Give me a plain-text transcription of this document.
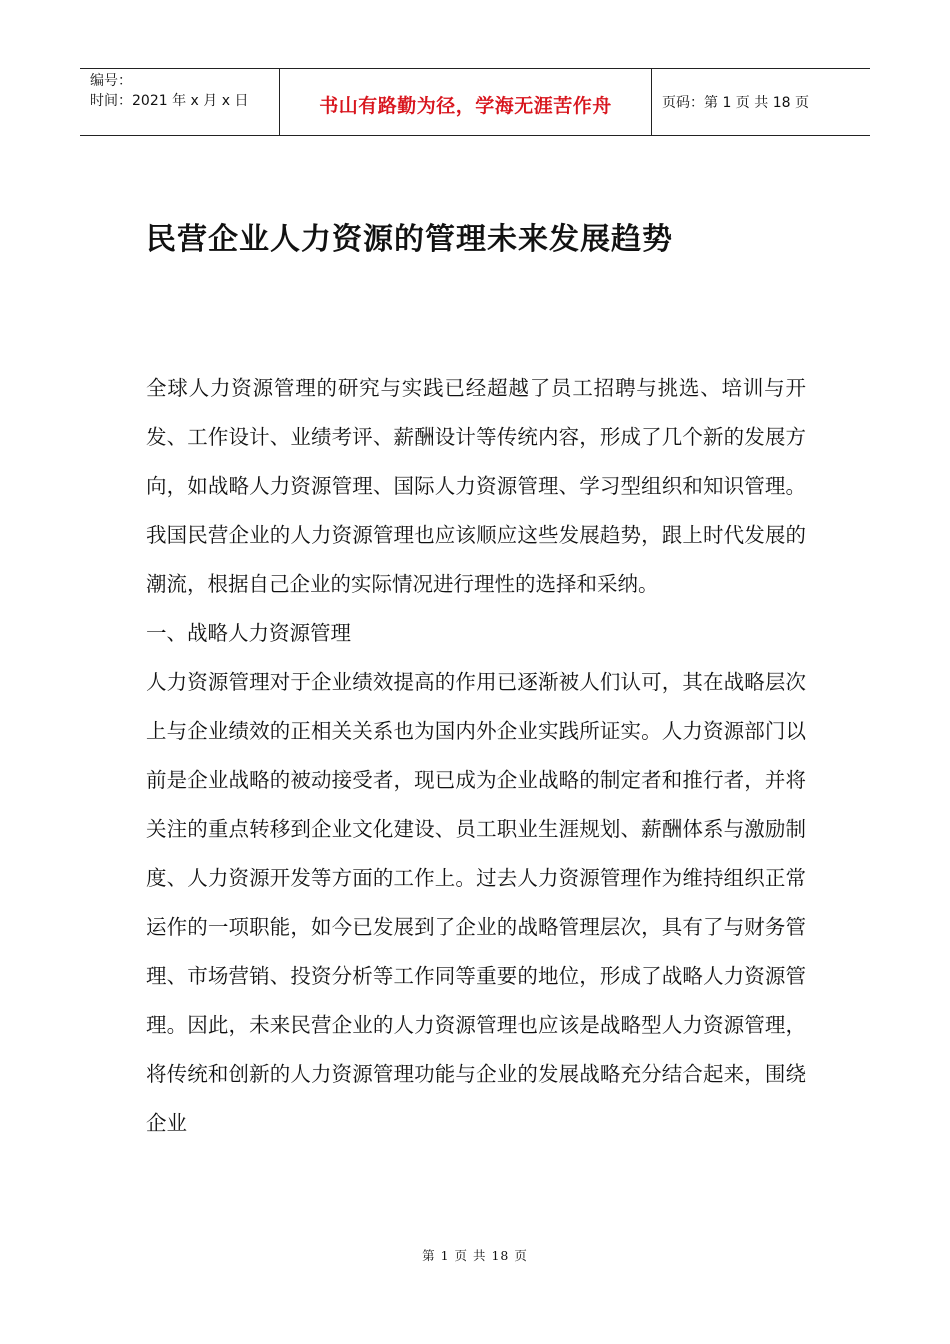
编号：
时间：2021 年 x 月 x 日	书山有路勤为径，学海无涯苦作舟	页码：第 1 页 共 18 页
民营企业人力资源的管理未来发展趋势

全球人力资源管理的研究与实践已经超越了员工招聘与挑选、培训与开发、工作设计、业绩考评、薪酬设计等传统内容，形成了几个新的发展方向，如战略人力资源管理、国际人力资源管理、学习型组织和知识管理。我国民营企业的人力资源管理也应该顺应这些发展趋势，跟上时代发展的潮流，根据自己企业的实际情况进行理性的选择和采纳。

一、战略人力资源管理

人力资源管理对于企业绩效提高的作用已逐渐被人们认可，其在战略层次上与企业绩效的正相关关系也为国内外企业实践所证实。人力资源部门以前是企业战略的被动接受者，现已成为企业战略的制定者和推行者，并将关注的重点转移到企业文化建设、员工职业生涯规划、薪酬体系与激励制度、人力资源开发等方面的工作上。过去人力资源管理作为维持组织正常运作的一项职能，如今已发展到了企业的战略管理层次，具有了与财务管理、市场营销、投资分析等工作同等重要的地位，形成了战略人力资源管理。因此，未来民营企业的人力资源管理也应该是战略型人力资源管理，将传统和创新的人力资源管理功能与企业的发展战略充分结合起来，围绕企业

第 1 页 共 18 页
